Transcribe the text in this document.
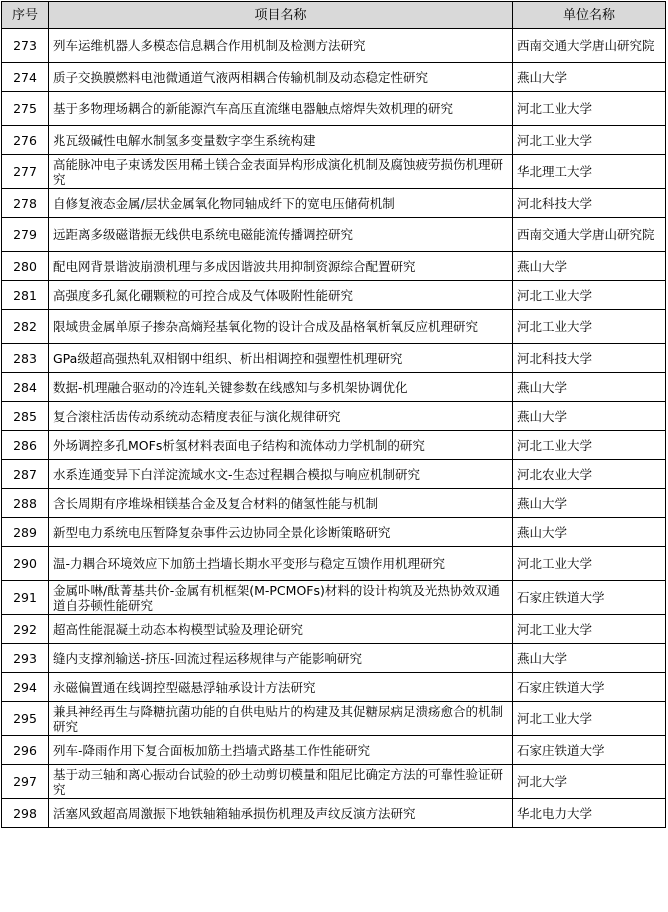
序号	项目名称	单位名称
273	列车运维机器人多模态信息耦合作用机制及检测方法研究	西南交通大学唐山研究院
274	质子交换膜燃料电池微通道气液两相耦合传输机制及动态稳定性研究	燕山大学
275	基于多物理场耦合的新能源汽车高压直流继电器触点熔焊失效机理的研究	河北工业大学
276	兆瓦级碱性电解水制氢多变量数字孪生系统构建	河北工业大学
277	高能脉冲电子束诱发医用稀土镁合金表面异构形成演化机制及腐蚀疲劳损伤机理研究	华北理工大学
278	自修复液态金属/层状金属氧化物同轴成纤下的宽电压储荷机制	河北科技大学
279	远距离多级磁谐振无线供电系统电磁能流传播调控研究	西南交通大学唐山研究院
280	配电网背景谐波崩溃机理与多成因谐波共用抑制资源综合配置研究	燕山大学
281	高强度多孔氮化硼颗粒的可控合成及气体吸附性能研究	河北工业大学
282	限域贵金属单原子掺杂高熵羟基氧化物的设计合成及晶格氧析氧反应机理研究	河北工业大学
283	GPa级超高强热轧双相钢中组织、析出相调控和强塑性机理研究	河北科技大学
284	数据-机理融合驱动的冷连轧关键参数在线感知与多机架协调优化	燕山大学
285	复合滚柱活齿传动系统动态精度表征与演化规律研究	燕山大学
286	外场调控多孔MOFs析氢材料表面电子结构和流体动力学机制的研究	河北工业大学
287	水系连通变异下白洋淀流域水文-生态过程耦合模拟与响应机制研究	河北农业大学
288	含长周期有序堆垛相镁基合金及复合材料的储氢性能与机制	燕山大学
289	新型电力系统电压暂降复杂事件云边协同全景化诊断策略研究	燕山大学
290	温-力耦合环境效应下加筋土挡墙长期水平变形与稳定互馈作用机理研究	河北工业大学
291	金属卟啉/酞菁基共价-金属有机框架(M-PCMOFs)材料的设计构筑及光热协效双通道自芬顿性能研究	石家庄铁道大学
292	超高性能混凝土动态本构模型试验及理论研究	河北工业大学
293	缝内支撑剂输送-挤压-回流过程运移规律与产能影响研究	燕山大学
294	永磁偏置通在线调控型磁悬浮轴承设计方法研究	石家庄铁道大学
295	兼具神经再生与降糖抗菌功能的自供电贴片的构建及其促糖尿病足溃疡愈合的机制研究	河北工业大学
296	列车-降雨作用下复合面板加筋土挡墙式路基工作性能研究	石家庄铁道大学
297	基于动三轴和离心振动台试验的砂土动剪切模量和阻尼比确定方法的可靠性验证研究	河北大学
298	活塞风致超高周激振下地铁轴箱轴承损伤机理及声纹反演方法研究	华北电力大学
